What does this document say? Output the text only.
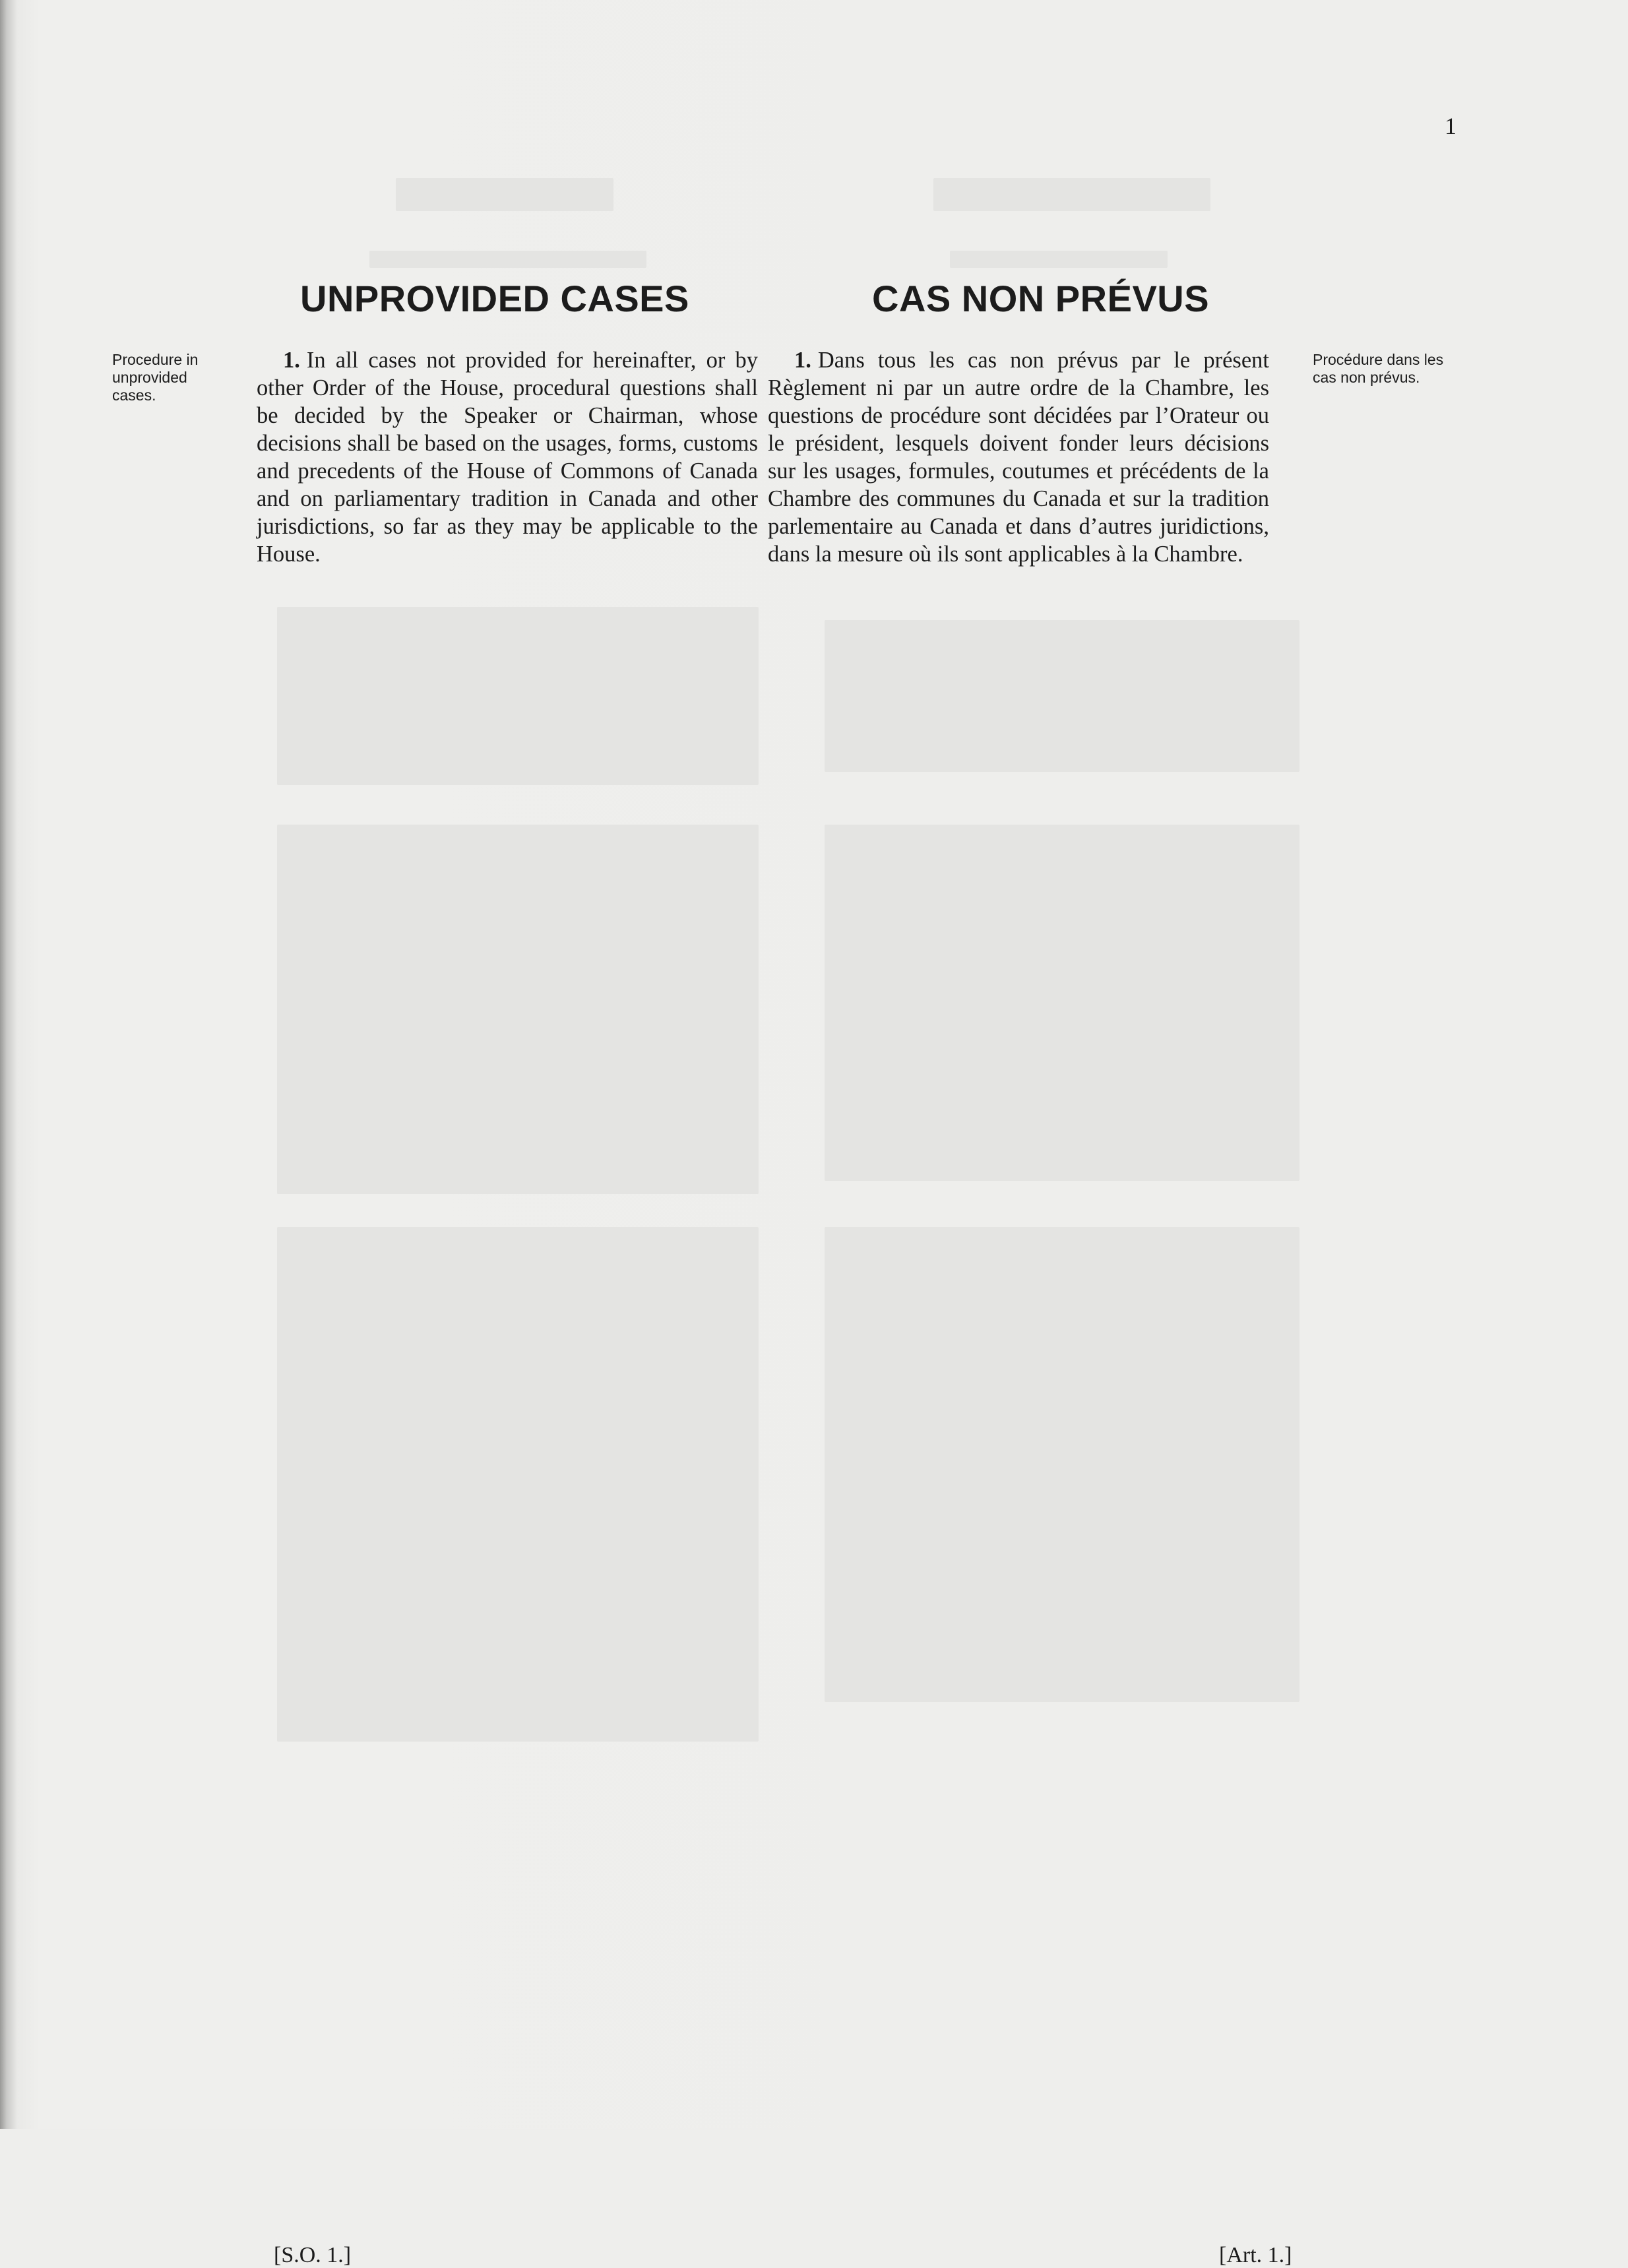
1
UNPROVIDED CASES	CAS NON PRÉVUS
Procedure in unprovided cases.
Procédure dans les cas non prévus.
1. In all cases not provided for hereinafter, or by other Order of the House, procedural questions shall be decided by the Speaker or Chairman, whose decisions shall be based on the usages, forms, customs and precedents of the House of Commons of Canada and on parliamentary tradition in Canada and other jurisdictions, so far as they may be applicable to the House.
1. Dans tous les cas non prévus par le présent Règlement ni par un autre ordre de la Chambre, les questions de procédure sont décidées par l’Orateur ou le président, lesquels doivent fonder leurs décisions sur les usages, formules, coutumes et précédents de la Chambre des communes du Canada et sur la tradition parlementaire au Canada et dans d’autres juridictions, dans la mesure où ils sont applicables à la Chambre.
[S.O. 1.]	[Art. 1.]
